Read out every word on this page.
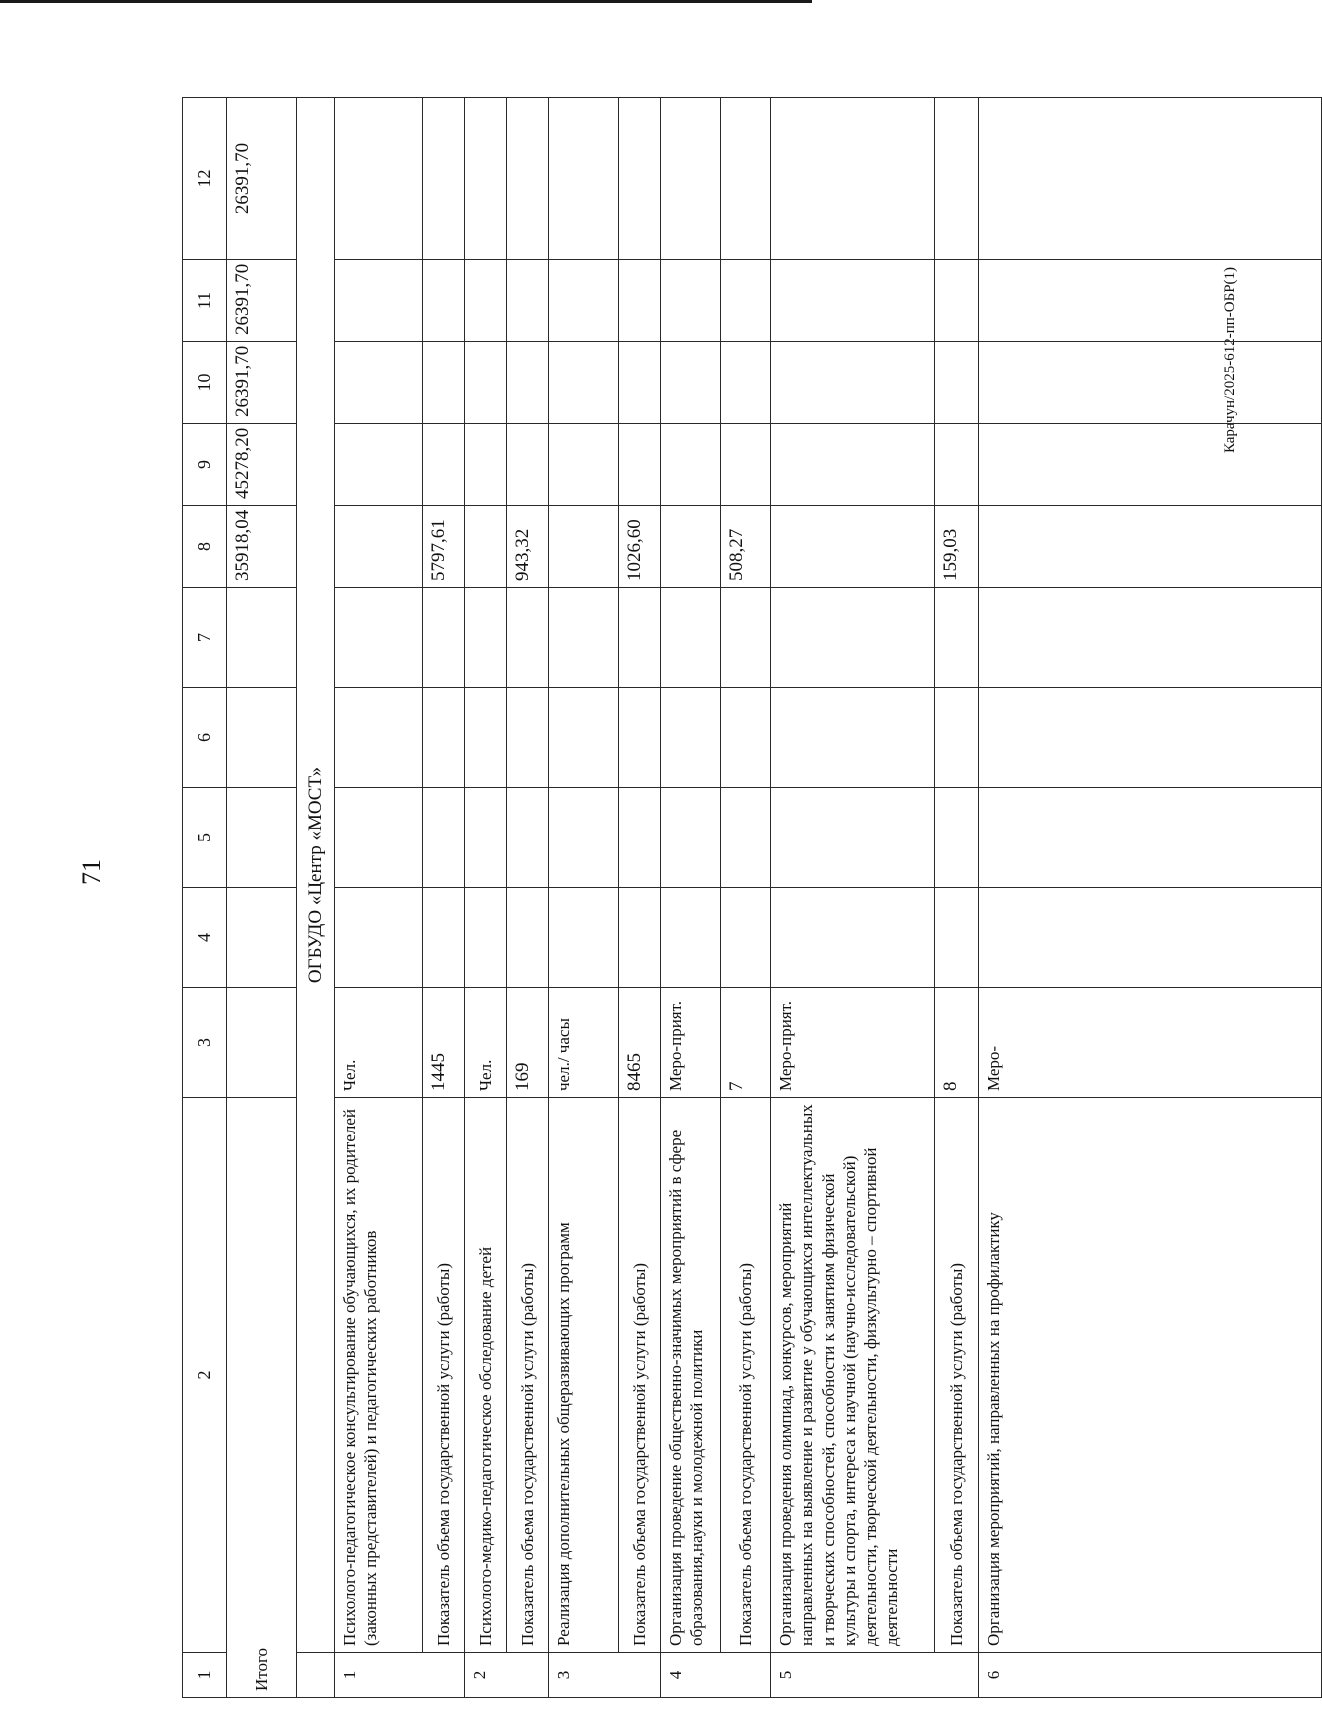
71
Карачун/2025-612-пп-ОБР(1)
1	2	3	4	5	6	7	8	9	10	11	12
Итого							35918,04	45278,20	26391,70	26391,70	26391,70
	ОГБУДО «Центр «МОСТ»										
1	Психолого-педагогическое консультирование обучающихся, их родителей (законных представителей) и педагогических работников	Чел.									
	Показатель объема государственной услуги (работы)	1445					5797,61				
2	Психолого-медико-педагогическое обследование детей	Чел.									
	Показатель объема государственной услуги (работы)	169					943,32				
3	Реализация дополнительных общеразвивающих программ	чел./ часы									
	Показатель объема государственной услуги (работы)	8465					1026,60				
4	Организация проведение общественно-значимых мероприятий в сфере образования,науки и молодежной политики	Меро-прият.									
	Показатель объема государственной услуги (работы)	7					508,27				
5	Организация проведения олимпиад, конкурсов, мероприятий направленных на выявление и развитие у обучающихся интеллектуальных и творческих способностей, способности к занятиям физической культуры и спорта, интереса к научной (научно-исследовательской) деятельности, творческой деятельности, физкультурно – спортивной деятельности	Меро-прият.									
	Показатель объема государственной услуги (работы)	8					159,03				
6	Организация мероприятий, направленных на профилактику	Меро-									
